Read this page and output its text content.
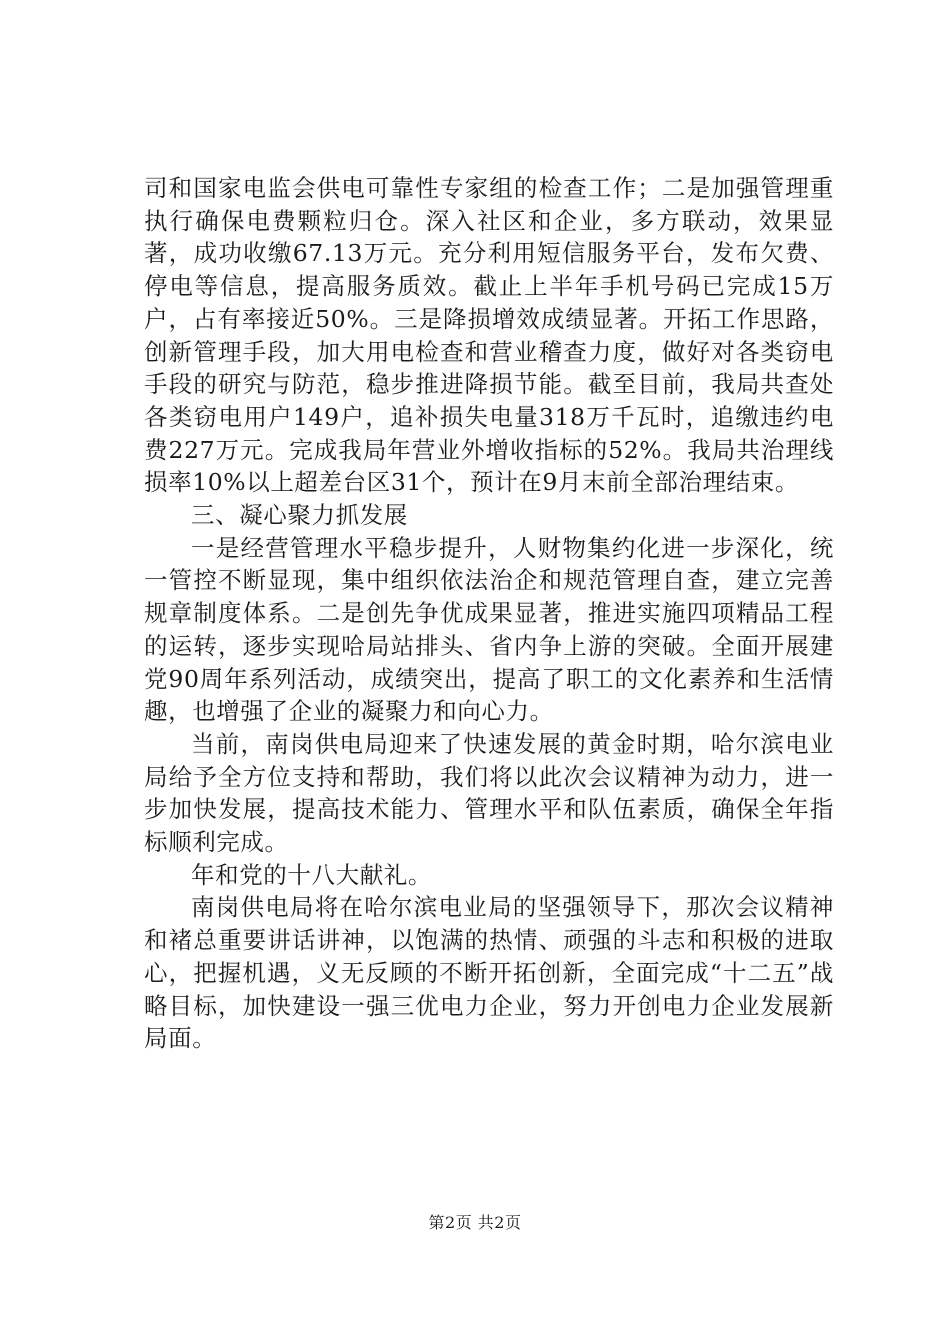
司和国家电监会供电可靠性专家组的检查工作；二是加强管理重执行确保电费颗粒归仓。深入社区和企业，多方联动，效果显著，成功收缴67.13万元。充分利用短信服务平台，发布欠费、停电等信息，提高服务质效。截止上半年手机号码已完成15万户，占有率接近50%。三是降损增效成绩显著。开拓工作思路，创新管理手段，加大用电检查和营业稽查力度，做好对各类窃电手段的研究与防范，稳步推进降损节能。截至目前，我局共查处各类窃电用户149户，追补损失电量318万千瓦时，追缴违约电费227万元。完成我局年营业外增收指标的52%。我局共治理线损率10%以上超差台区31个，预计在9月末前全部治理结束。

三、凝心聚力抓发展

一是经营管理水平稳步提升，人财物集约化进一步深化，统一管控不断显现，集中组织依法治企和规范管理自查，建立完善规章制度体系。二是创先争优成果显著，推进实施四项精品工程的运转，逐步实现哈局站排头、省内争上游的突破。全面开展建党90周年系列活动，成绩突出，提高了职工的文化素养和生活情趣，也增强了企业的凝聚力和向心力。

当前，南岗供电局迎来了快速发展的黄金时期，哈尔滨电业局给予全方位支持和帮助，我们将以此次会议精神为动力，进一步加快发展，提高技术能力、管理水平和队伍素质，确保全年指标顺利完成。

年和党的十八大献礼。

南岗供电局将在哈尔滨电业局的坚强领导下，那次会议精神和褚总重要讲话讲神，以饱满的热情、顽强的斗志和积极的进取心，把握机遇，义无反顾的不断开拓创新，全面完成“十二五”战略目标，加快建设一强三优电力企业，努力开创电力企业发展新局面。

第2页 共2页
